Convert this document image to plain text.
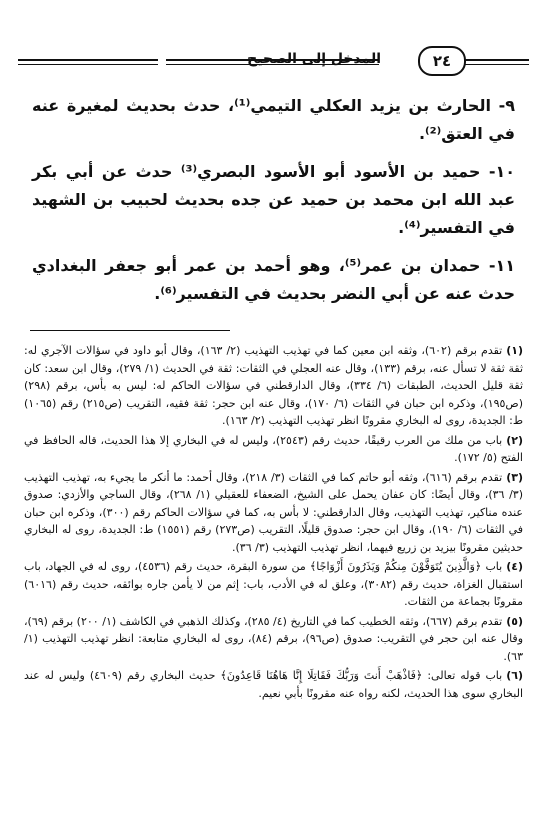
المدخل إلى الصحيح	٢٤

٩- الحارث بن يزيد العكلي التيمي⁽¹⁾، حدث بحديث لمغيرة عنه في العتق⁽²⁾.

١٠- حميد بن الأسود أبو الأسود البصري⁽³⁾ حدث عن أبي بكر عبد الله ابن محمد بن حميد عن جده بحديث لحبيب بن الشهيد في التفسير⁽⁴⁾.

١١- حمدان بن عمر⁽⁵⁾، وهو أحمد بن عمر أبو جعفر البغدادي حدث عنه عن أبي النضر بحديث في التفسير⁽⁶⁾.

(١)تقدم برقم (٦٠٢)، وثقه ابن معين كما في تهذيب التهذيب (٢/ ١٦٣)، وقال أبو داود في سؤالات الآجري له: ثقة ثقة لا تسأل عنه، برقم (١٣٣)، وقال عنه العجلي في الثقات: ثقة في الحديث (١/ ٢٧٩)، وقال ابن سعد: كان ثقة قليل الحديث، الطبقات (٦/ ٣٣٤)، وقال الدارقطني في سؤالات الحاكم له: ليس به بأس، برقم (٢٩٨) (ص١٩٥)، وذكره ابن حبان في الثقات (٦/ ١٧٠)، وقال عنه ابن حجر: ثقة فقيه، التقريب (ص٢١٥) رقم (١٠٦٥) ط: الجديدة، روى له البخاري مقرونًا انظر تهذيب التهذيب (٢/ ١٦٣).

(٢)باب من ملك من العرب رقيقًا، حديث رقم (٢٥٤٣)، وليس له في البخاري إلا هذا الحديث، قاله الحافظ في الفتح (٥/ ١٧٢).

(٣)تقدم برقم (٦١٦)، وثقه أبو حاتم كما في الثقات (٣/ ٢١٨)، وقال أحمد: ما أنكر ما يجيء به، تهذيب التهذيب (٣/ ٣٦)، وقال أيضًا: كان عفان يحمل على الشيخ، الضعفاء للعقيلي (١/ ٢٦٨)، وقال الساجي والأزدي: صدوق عنده مناكير، تهذيب التهذيب، وقال الدارقطني: لا بأس به، كما في سؤالات الحاكم رقم (٣٠٠)، وذكره ابن حبان في الثقات (٦/ ١٩٠)، وقال ابن حجر: صدوق قليلًا، التقريب (ص٢٧٣) رقم (١٥٥١) ط: الجديدة، روى له البخاري حديثين مقرونًا بيزيد بن زريع فيهما، انظر تهذيب التهذيب (٣/ ٣٦).

(٤)باب ﴿وَالَّذِينَ يُتَوَفَّوْنَ مِنكُمْ وَيَذَرُونَ أَزْوَاجًا﴾ من سورة البقرة، حديث رقم (٤٥٣٦)، روى له في الجهاد، باب استقبال الغزاة، حديث رقم (٣٠٨٢)، وعلق له في الأدب، باب: إثم من لا يأمن جاره بوائقه، حديث رقم (٦٠١٦) مقرونًا بجماعة من الثقات.

(٥)تقدم برقم (٦٦٧)، وثقه الخطيب كما في التاريخ (٤/ ٢٨٥)، وكذلك الذهبي في الكاشف (١/ ٢٠٠) برقم (٦٩)، وقال عنه ابن حجر في التقريب: صدوق (ص٩٦)، برقم (٨٤)، روى له البخاري متابعة: انظر تهذيب التهذيب (١/ ٦٣).

(٦)باب قوله تعالى: ﴿فَاذْهَبْ أَنتَ وَرَبُّكَ فَقَاتِلَا إِنَّا هَاهُنَا قَاعِدُونَ﴾ حديث البخاري رقم (٤٦٠٩) وليس له عند البخاري سوى هذا الحديث، لكنه رواه عنه مقرونًا بأبي نعيم.
